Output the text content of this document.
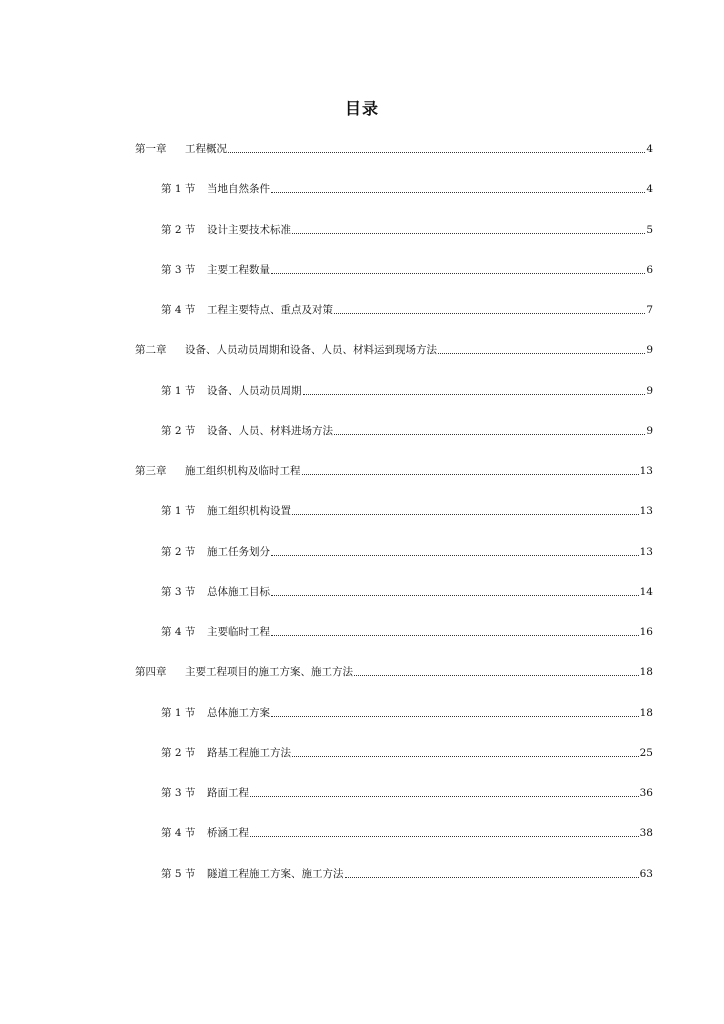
目录
第一章	工程概况	4
第 1 节	当地自然条件	4
第 2 节	设计主要技术标准	5
第 3 节	主要工程数量	6
第 4 节	工程主要特点、重点及对策	7
第二章	设备、人员动员周期和设备、人员、材料运到现场方法	9
第 1 节	设备、人员动员周期	9
第 2 节	设备、人员、材料进场方法	9
第三章	施工组织机构及临时工程	13
第 1 节	施工组织机构设置	13
第 2 节	施工任务划分	13
第 3 节	总体施工目标	14
第 4 节	主要临时工程	16
第四章	主要工程项目的施工方案、施工方法	18
第 1 节	总体施工方案	18
第 2 节	路基工程施工方法	25
第 3 节	路面工程	36
第 4 节	桥涵工程	38
第 5 节	隧道工程施工方案、施工方法	63
